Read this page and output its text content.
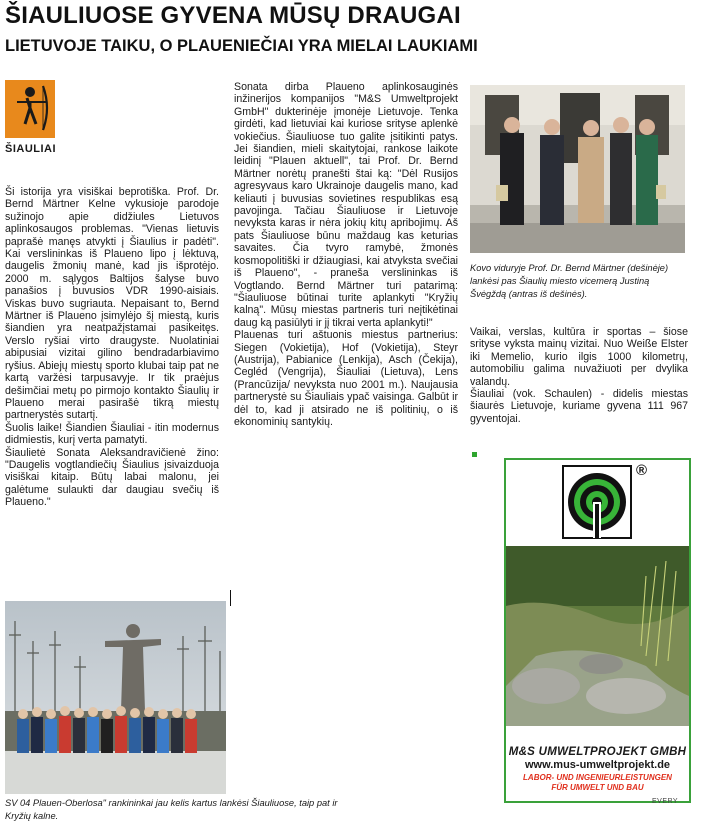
ŠIAULIUOSE GYVENA MŪSŲ DRAUGAI
LIETUVOJE TAIKU, O PLAUENIEČIAI YRA MIELAI LAUKIAMI
ŠIAULIAI

Ši istorija yra visiškai beprotiška. Prof. Dr. Bernd Märtner Kelne vykusioje parodoje sužinojo apie didžiules Lietuvos aplinkosaugos problemas. "Vienas lietuvis paprašė manęs atvykti į Šiaulius ir padėti". Kai verslininkas iš Plaueno lipo į lėktuvą, daugelis žmonių manė, kad jis išprotėjo. 2000 m. sąlygos Baltijos šalyse buvo panašios į buvusios VDR 1990-aisiais. Viskas buvo sugriauta. Nepaisant to, Bernd Märtner iš Plaueno įsimylėjo šį miestą, kuris šiandien yra neatpažįstamai pasikeitęs. Verslo ryšiai virto draugyste. Nuolatiniai abipusiai vizitai gilino bendradarbiavimo ryšius. Abiejų miestų sporto klubai taip pat ne kartą varžėsi tarpusavyje. Ir tik praėjus dešimčiai metų po pirmojo kontakto Šiaulių ir Plaueno merai pasirašė tikrą miestų partnerystės sutartį.

Šuolis laike! Šiandien Šiauliai - itin modernus didmiestis, kurį verta pamatyti.

Šiaulietė Sonata Aleksandravičienė žino: "Daugelis vogtlandiečių Šiaulius įsivaizduoja visiškai kitaip. Būtų labai malonu, jei galėtume sulaukti dar daugiau svečių iš Plaueno."

SV 04 Plauen-Oberlosa" rankininkai jau kelis kartus lankėsi Šiauliuose, taip pat ir Kryžių kalne.

Sonata dirba Plaueno aplinkosauginės inžinerijos kompanijos "M&S Umweltprojekt GmbH" dukterinėje įmonėje Lietuvoje. Tenka girdėti, kad lietuviai kai kuriose srityse aplenkė vokiečius. Šiauliuose tuo galite įsitikinti patys. Jei šiandien, mieli skaitytojai, rankose laikote leidinį "Plauen aktuell", tai Prof. Dr. Bernd Märtner norėtų pranešti štai ką: "Dėl Rusijos agresyvaus karo Ukrainoje daugelis mano, kad keliauti į buvusias sovietines respublikas esą pavojinga. Tačiau Šiauliuose ir Lietuvoje nevyksta karas ir nėra jokių kitų apribojimų. Aš pats Šiauliuose būnu maždaug kas keturias savaites. Čia tvyro ramybė, žmonės kosmopolitiški ir džiaugiasi, kai atvyksta svečiai iš Plaueno", - praneša verslininkas iš Vogtlando. Bernd Märtner turi patarimą: "Šiauliuose būtinai turite aplankyti "Kryžių kalną". Mūsų miestas partneris turi neįtikėtinai daug ką pasiūlyti ir jį tikrai verta aplankyti!"

Plauenas turi aštuonis miestus partnerius: Siegen (Vokietija), Hof (Vokietija), Steyr (Austrija), Pabianice (Lenkija), Asch (Čekija), Cegléd (Vengrija), Šiauliai (Lietuva), Lens (Prancūzija/ nevyksta nuo 2001 m.). Naujausia partnerystė su Šiauliais ypač vaisinga. Galbūt ir dėl to, kad ji atsirado ne iš politinių, o iš ekonominių santykių.

Kovo viduryje Prof. Dr. Bernd Märtner (dešinėje) lankėsi pas Šiaulių miesto vicemerą Justiną Švėgždą (antras iš dešinės).

Vaikai, verslas, kultūra ir sportas – šiose srityse vyksta mainų vizitai. Nuo Weiße Elster iki Memelio, kurio ilgis 1000 kilometrų, automobiliu galima nuvažiuoti per dvylika valandų.

Šiauliai (vok. Schaulen) - didelis miestas šiaurės Lietuvoje, kuriame gyvena 111 967 gyventojai.

®
M&S UMWELTPROJEKT GMBH
www.mus-umweltprojekt.de
LABOR- UND INGENIEURLEISTUNGEN
FÜR UMWELT UND BAU
EVERY
